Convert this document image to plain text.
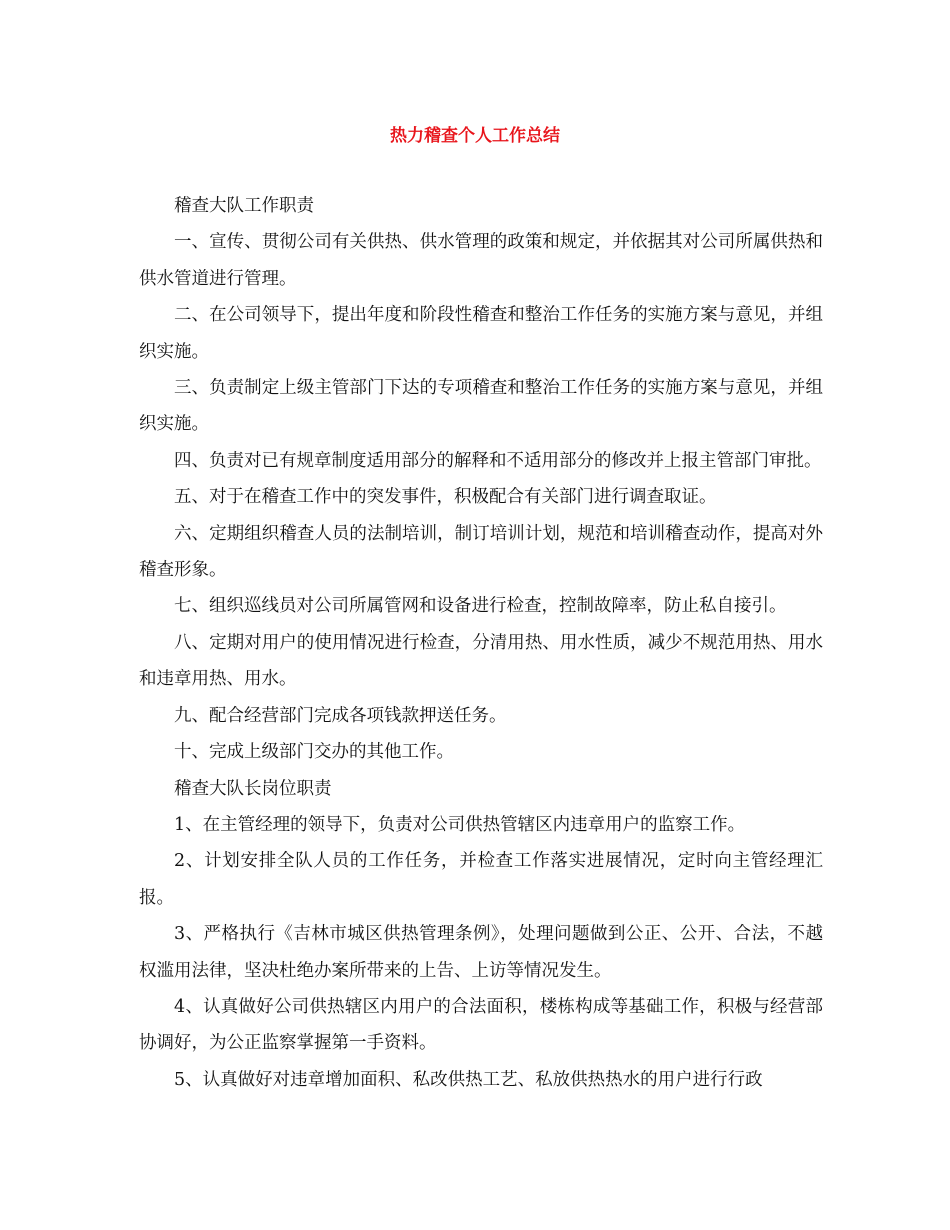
热力稽查个人工作总结

稽查大队工作职责

一、宣传、贯彻公司有关供热、供水管理的政策和规定，并依据其对公司所属供热和供水管道进行管理。

二、在公司领导下，提出年度和阶段性稽查和整治工作任务的实施方案与意见，并组织实施。

三、负责制定上级主管部门下达的专项稽查和整治工作任务的实施方案与意见，并组织实施。

四、负责对已有规章制度适用部分的解释和不适用部分的修改并上报主管部门审批。

五、对于在稽查工作中的突发事件，积极配合有关部门进行调查取证。

六、定期组织稽查人员的法制培训，制订培训计划，规范和培训稽查动作，提高对外稽查形象。

七、组织巡线员对公司所属管网和设备进行检查，控制故障率，防止私自接引。

八、定期对用户的使用情况进行检查，分清用热、用水性质，减少不规范用热、用水和违章用热、用水。

九、配合经营部门完成各项钱款押送任务。

十、完成上级部门交办的其他工作。

稽查大队长岗位职责

1、在主管经理的领导下，负责对公司供热管辖区内违章用户的监察工作。

2、计划安排全队人员的工作任务，并检查工作落实进展情况，定时向主管经理汇报。

3、严格执行《吉林市城区供热管理条例》，处理问题做到公正、公开、合法，不越权滥用法律，坚决杜绝办案所带来的上告、上访等情况发生。

4、认真做好公司供热辖区内用户的合法面积，楼栋构成等基础工作，积极与经营部协调好，为公正监察掌握第一手资料。

5、认真做好对违章增加面积、私改供热工艺、私放供热热水的用户进行行政
